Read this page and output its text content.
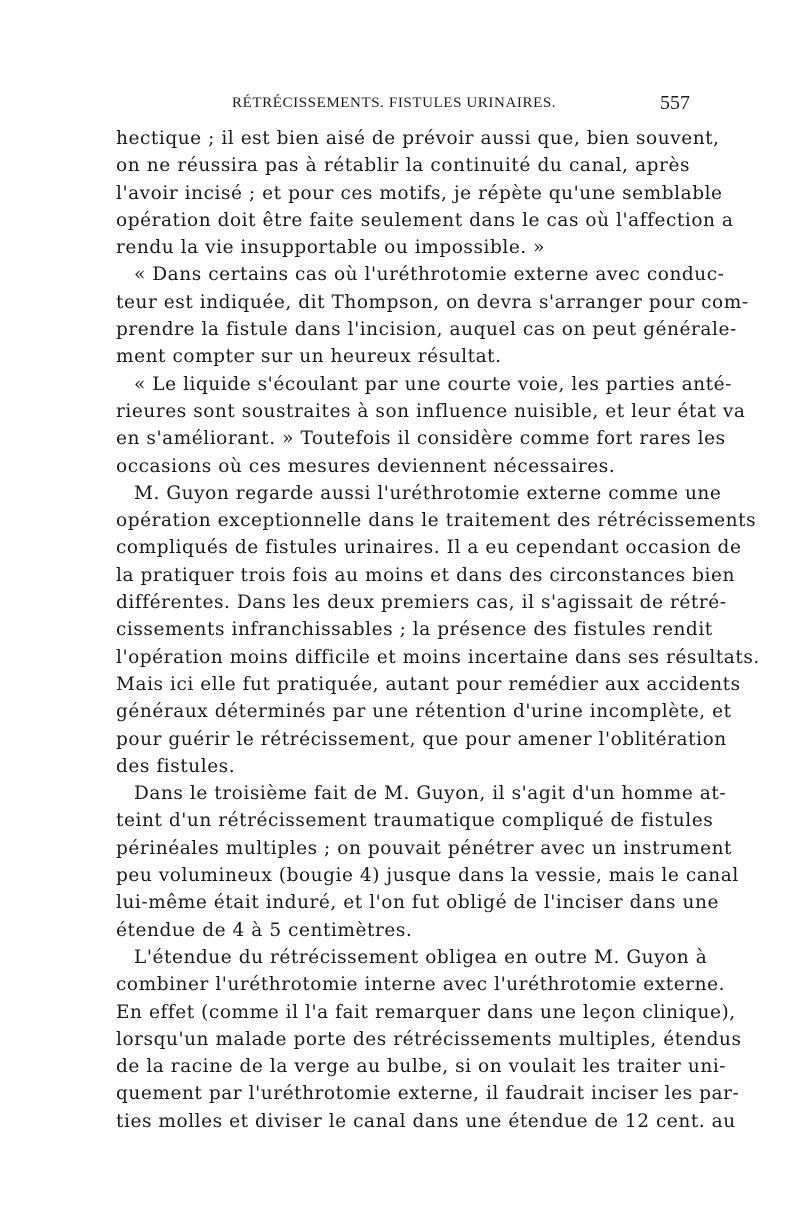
RÉTRÉCISSEMENTS. FISTULES URINAIRES.	557
hectique ; il est bien aisé de prévoir aussi que, bien souvent,
on ne réussira pas à rétablir la continuité du canal, après
l'avoir incisé ; et pour ces motifs, je répète qu'une semblable
opération doit être faite seulement dans le cas où l'affection a
rendu la vie insupportable ou impossible. »
« Dans certains cas où l'uréthrotomie externe avec conduc-
teur est indiquée, dit Thompson, on devra s'arranger pour com-
prendre la fistule dans l'incision, auquel cas on peut générale-
ment compter sur un heureux résultat.
« Le liquide s'écoulant par une courte voie, les parties anté-
rieures sont soustraites à son influence nuisible, et leur état va
en s'améliorant. » Toutefois il considère comme fort rares les
occasions où ces mesures deviennent nécessaires.
M. Guyon regarde aussi l'uréthrotomie externe comme une
opération exceptionnelle dans le traitement des rétrécissements
compliqués de fistules urinaires. Il a eu cependant occasion de
la pratiquer trois fois au moins et dans des circonstances bien
différentes. Dans les deux premiers cas, il s'agissait de rétré-
cissements infranchissables ; la présence des fistules rendit
l'opération moins difficile et moins incertaine dans ses résultats.
Mais ici elle fut pratiquée, autant pour remédier aux accidents
généraux déterminés par une rétention d'urine incomplète, et
pour guérir le rétrécissement, que pour amener l'oblitération
des fistules.
Dans le troisième fait de M. Guyon, il s'agit d'un homme at-
teint d'un rétrécissement traumatique compliqué de fistules
périnéales multiples ; on pouvait pénétrer avec un instrument
peu volumineux (bougie 4) jusque dans la vessie, mais le canal
lui-même était induré, et l'on fut obligé de l'inciser dans une
étendue de 4 à 5 centimètres.
L'étendue du rétrécissement obligea en outre M. Guyon à
combiner l'uréthrotomie interne avec l'uréthrotomie externe.
En effet (comme il l'a fait remarquer dans une leçon clinique),
lorsqu'un malade porte des rétrécissements multiples, étendus
de la racine de la verge au bulbe, si on voulait les traiter uni-
quement par l'uréthrotomie externe, il faudrait inciser les par-
ties molles et diviser le canal dans une étendue de 12 cent. au
